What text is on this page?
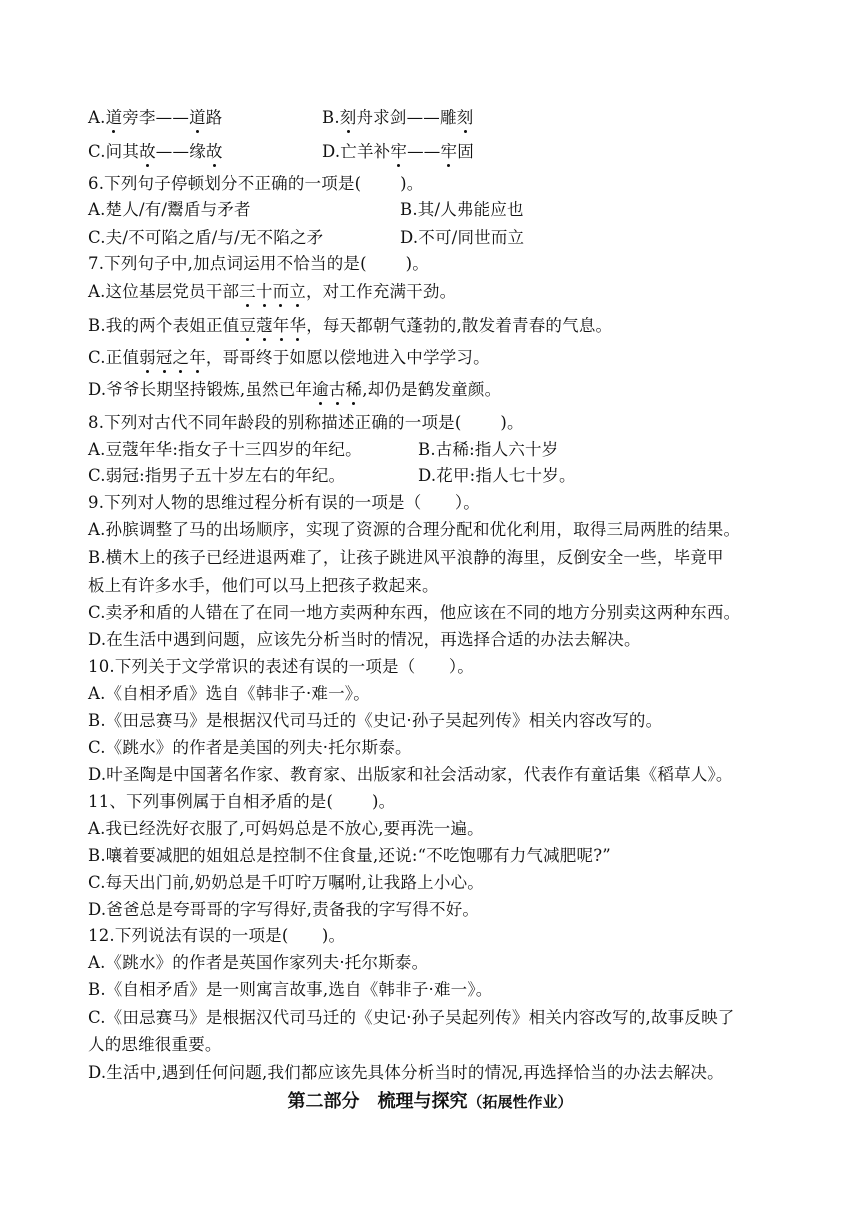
A.道旁李——道路	B.刻舟求剑——雕刻
C.问其故——缘故	D.亡羊补牢——牢固
6.下列句子停顿划分不正确的一项是(　　 )。
A.楚人/有/鬻盾与矛者	B.其/人弗能应也
C.夫/不可陷之盾/与/无不陷之矛	D.不可/同世而立
7.下列句子中,加点词运用不恰当的是(　　 )。
A.这位基层党员干部三十而立，对工作充满干劲。
B.我的两个表姐正值豆蔻年华，每天都朝气蓬勃的,散发着青春的气息。
C.正值弱冠之年，哥哥终于如愿以偿地进入中学学习。
D.爷爷长期坚持锻炼,虽然已年逾古稀,却仍是鹤发童颜。
8.下列对古代不同年龄段的别称描述正确的一项是(　　 )。
A.豆蔻年华:指女子十三四岁的年纪。	B.古稀:指人六十岁
C.弱冠:指男子五十岁左右的年纪。	D.花甲:指人七十岁。
9.下列对人物的思维过程分析有误的一项是（　　）。
A.孙膑调整了马的出场顺序，实现了资源的合理分配和优化利用，取得三局两胜的结果。
B.横木上的孩子已经进退两难了，让孩子跳进风平浪静的海里，反倒安全一些，毕竟甲
板上有许多水手，他们可以马上把孩子救起来。
C.卖矛和盾的人错在了在同一地方卖两种东西，他应该在不同的地方分别卖这两种东西。
D.在生活中遇到问题，应该先分析当时的情况，再选择合适的办法去解决。
10.下列关于文学常识的表述有误的一项是（　　）。
A.《自相矛盾》选自《韩非子·难一》。
B.《田忌赛马》是根据汉代司马迁的《史记·孙子吴起列传》相关内容改写的。
C.《跳水》的作者是美国的列夫·托尔斯泰。
D.叶圣陶是中国著名作家、教育家、出版家和社会活动家，代表作有童话集《稻草人》。
11、下列事例属于自相矛盾的是(　　 )。
A.我已经洗好衣服了,可妈妈总是不放心,要再洗一遍。
B.嚷着要减肥的姐姐总是控制不住食量,还说:“不吃饱哪有力气减肥呢?”
C.每天出门前,奶奶总是千叮咛万嘱咐,让我路上小心。
D.爸爸总是夸哥哥的字写得好,责备我的字写得不好。
12.下列说法有误的一项是(　　)。
A.《跳水》的作者是英国作家列夫·托尔斯泰。
B.《自相矛盾》是一则寓言故事,选自《韩非子·难一》。
C.《田忌赛马》是根据汉代司马迁的《史记·孙子吴起列传》相关内容改写的,故事反映了
人的思维很重要。
D.生活中,遇到任何问题,我们都应该先具体分析当时的情况,再选择恰当的办法去解决。
第二部分 梳理与探究（拓展性作业）
